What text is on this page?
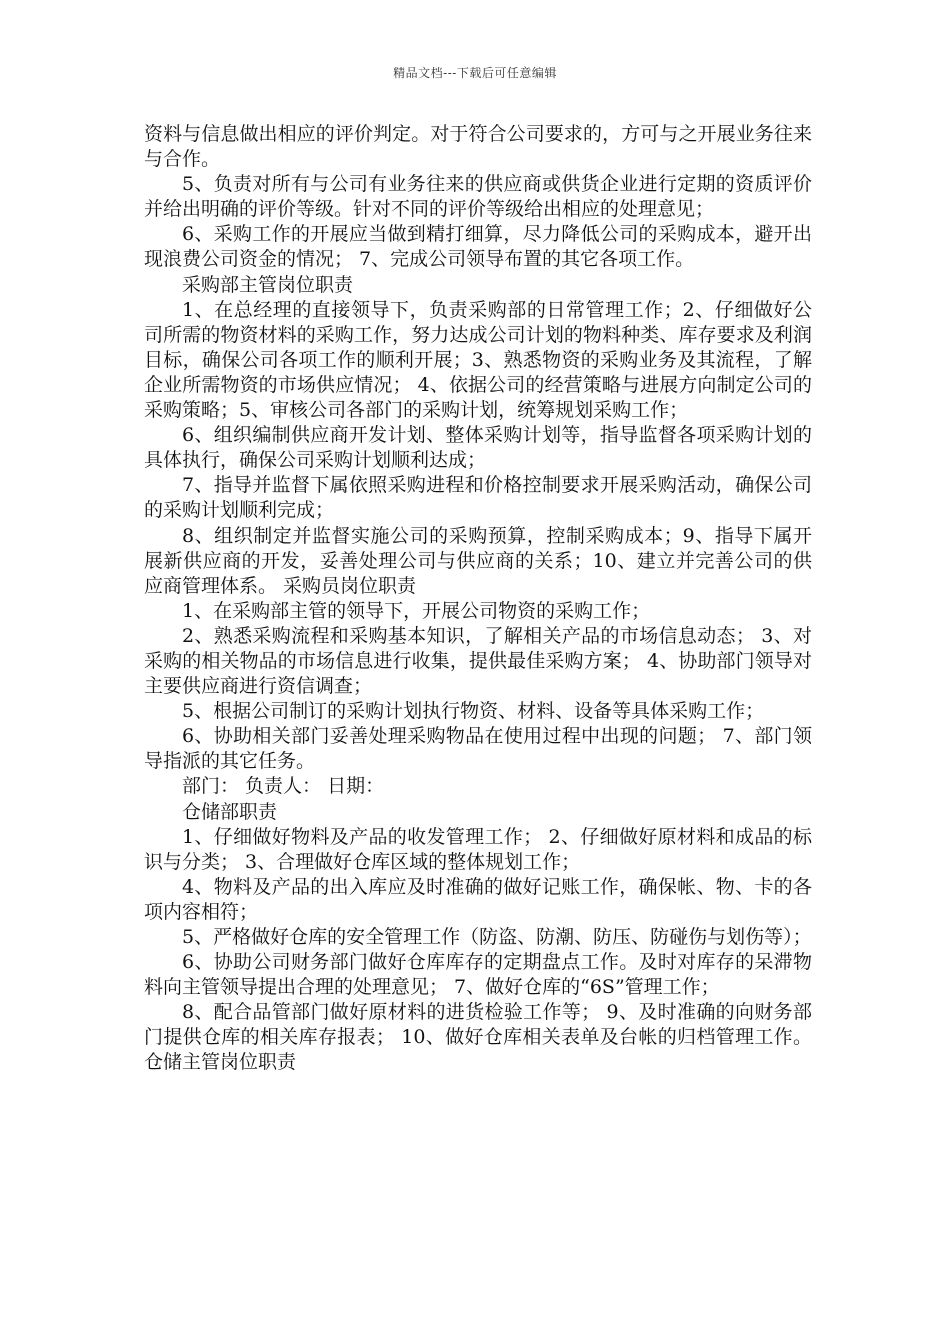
精品文档---下载后可任意编辑

资料与信息做出相应的评价判定。对于符合公司要求的，方可与之开展业务往来与合作。

5、负责对所有与公司有业务往来的供应商或供货企业进行定期的资质评价并给出明确的评价等级。针对不同的评价等级给出相应的处理意见；

6、采购工作的开展应当做到精打细算，尽力降低公司的采购成本，避开出现浪费公司资金的情况； 7、完成公司领导布置的其它各项工作。

采购部主管岗位职责

1、在总经理的直接领导下，负责采购部的日常管理工作；2、仔细做好公司所需的物资材料的采购工作，努力达成公司计划的物料种类、库存要求及利润目标，确保公司各项工作的顺利开展；3、熟悉物资的采购业务及其流程，了解企业所需物资的市场供应情况； 4、依据公司的经营策略与进展方向制定公司的采购策略；5、审核公司各部门的采购计划，统筹规划采购工作；

6、组织编制供应商开发计划、整体采购计划等，指导监督各项采购计划的具体执行，确保公司采购计划顺利达成；

7、指导并监督下属依照采购进程和价格控制要求开展采购活动，确保公司的采购计划顺利完成；

8、组织制定并监督实施公司的采购预算，控制采购成本；9、指导下属开展新供应商的开发，妥善处理公司与供应商的关系；10、建立并完善公司的供应商管理体系。 采购员岗位职责

1、在采购部主管的领导下，开展公司物资的采购工作；

2、熟悉采购流程和采购基本知识，了解相关产品的市场信息动态； 3、对采购的相关物品的市场信息进行收集，提供最佳采购方案； 4、协助部门领导对主要供应商进行资信调查；

5、根据公司制订的采购计划执行物资、材料、设备等具体采购工作；

6、协助相关部门妥善处理采购物品在使用过程中出现的问题； 7、部门领导指派的其它任务。

部门： 负责人： 日期：

仓储部职责

1、仔细做好物料及产品的收发管理工作； 2、仔细做好原材料和成品的标识与分类； 3、合理做好仓库区域的整体规划工作；

4、物料及产品的出入库应及时准确的做好记账工作，确保帐、物、卡的各项内容相符；

5、严格做好仓库的安全管理工作（防盗、防潮、防压、防碰伤与划伤等）；

6、协助公司财务部门做好仓库库存的定期盘点工作。及时对库存的呆滞物料向主管领导提出合理的处理意见； 7、做好仓库的“6S”管理工作；

8、配合品管部门做好原材料的进货检验工作等； 9、及时准确的向财务部门提供仓库的相关库存报表； 10、做好仓库相关表单及台帐的归档管理工作。 仓储主管岗位职责
